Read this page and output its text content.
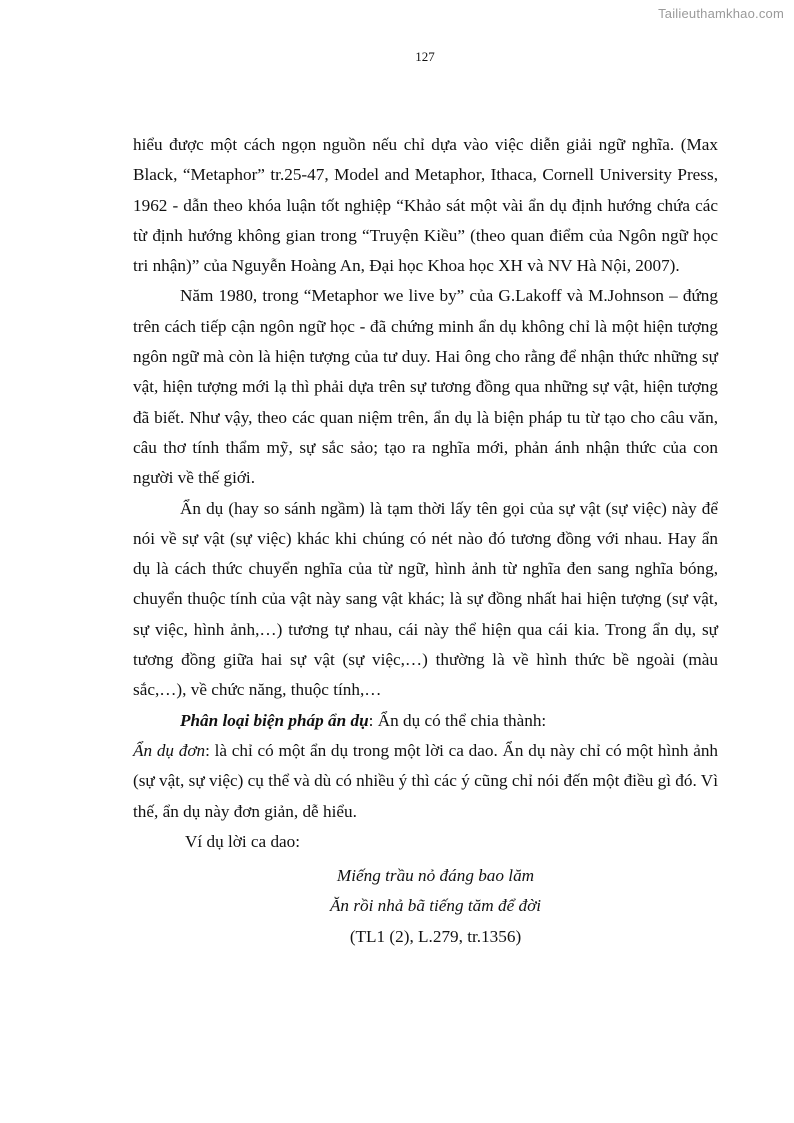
Tailieuthamkhao.com
127

hiểu được một cách ngọn nguồn nếu chỉ dựa vào việc diễn giải ngữ nghĩa. (Max Black, “Metaphor” tr.25-47, Model and Metaphor, Ithaca, Cornell University Press, 1962 - dẫn theo khóa luận tốt nghiệp “Khảo sát một vài ẩn dụ định hướng chứa các từ định hướng không gian trong “Truyện Kiều” (theo quan điểm của Ngôn ngữ học tri nhận)” của Nguyễn Hoàng An, Đại học Khoa học XH và NV Hà Nội, 2007).

Năm 1980, trong “Metaphor we live by” của G.Lakoff và M.Johnson – đứng trên cách tiếp cận ngôn ngữ học - đã chứng minh ẩn dụ không chỉ là một hiện tượng ngôn ngữ mà còn là hiện tượng của tư duy. Hai ông cho rằng để nhận thức những sự vật, hiện tượng mới lạ thì phải dựa trên sự tương đồng qua những sự vật, hiện tượng đã biết. Như vậy, theo các quan niệm trên, ẩn dụ là biện pháp tu từ tạo cho câu văn, câu thơ tính thẩm mỹ, sự sắc sảo; tạo ra nghĩa mới, phản ánh nhận thức của con người về thế giới.

Ẩn dụ (hay so sánh ngầm) là tạm thời lấy tên gọi của sự vật (sự việc) này để nói về sự vật (sự việc) khác khi chúng có nét nào đó tương đồng với nhau. Hay ẩn dụ là cách thức chuyển nghĩa của từ ngữ, hình ảnh từ nghĩa đen sang nghĩa bóng, chuyển thuộc tính của vật này sang vật khác; là sự đồng nhất hai hiện tượng (sự vật, sự việc, hình ảnh,…) tương tự nhau, cái này thể hiện qua cái kia. Trong ẩn dụ, sự tương đồng giữa hai sự vật (sự việc,…) thường là về hình thức bề ngoài (màu sắc,…), về chức năng, thuộc tính,…

Phân loại biện pháp ẩn dụ: Ẩn dụ có thể chia thành:

Ẩn dụ đơn: là chỉ có một ẩn dụ trong một lời ca dao. Ẩn dụ này chỉ có một hình ảnh (sự vật, sự việc) cụ thể và dù có nhiều ý thì các ý cũng chỉ nói đến một điều gì đó. Vì thế, ẩn dụ này đơn giản, dễ hiểu.

Ví dụ lời ca dao:

Miếng trầu nỏ đáng bao lăm
Ăn rồi nhả bã tiếng tăm để đời
(TL1 (2), L.279, tr.1356)
